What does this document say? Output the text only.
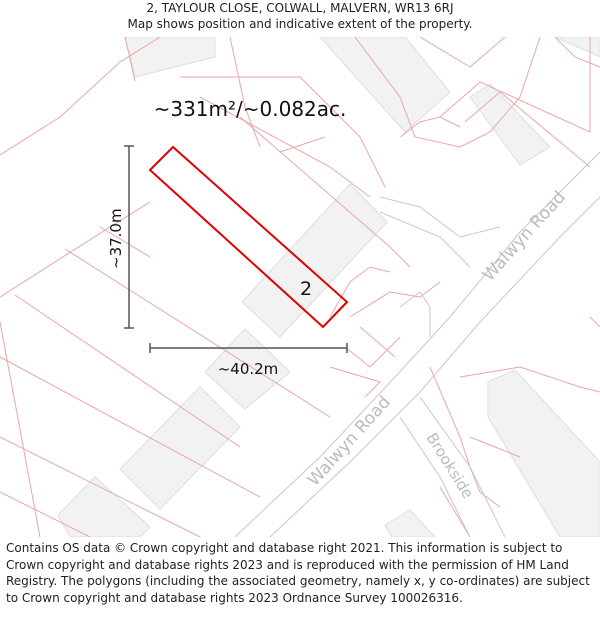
2, TAYLOUR CLOSE, COLWALL, MALVERN, WR13 6RJ
Map shows position and indicative extent of the property.
Walwyn Road
Walwyn Road Brookside
~331m²/~0.082ac.
2
~37.0m
~40.2m
Contains OS data © Crown copyright and database right 2021. This information is subject to Crown copyright and database rights 2023 and is reproduced with the permission of HM Land Registry. The polygons (including the associated geometry, namely x, y co-ordinates) are subject to Crown copyright and database rights 2023 Ordnance Survey 100026316.
